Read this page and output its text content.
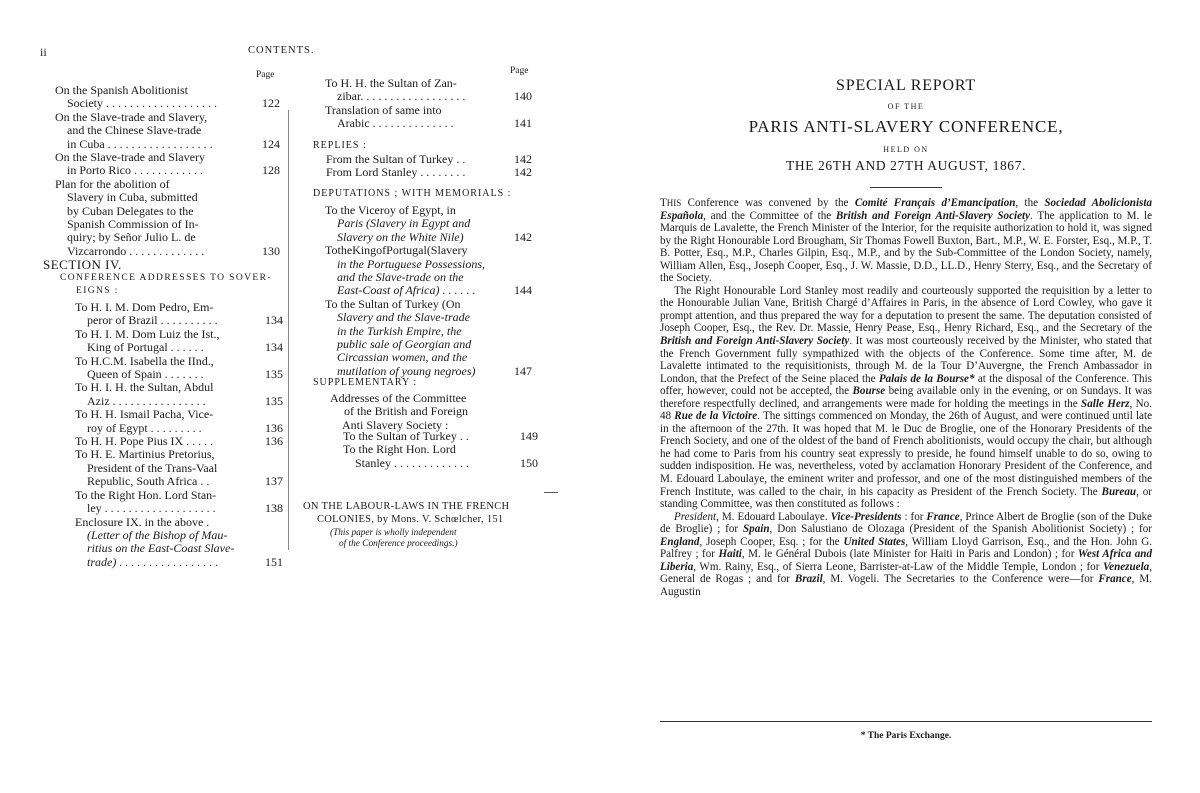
ii	CONTENTS.
Page	Page

On the Spanish Abolitionist

Society . . . . . . . . . . . . . . . . . . .	122

On the Slave-trade and Slavery,

and the Chinese Slave-trade

in Cuba . . . . . . . . . . . . . . . . . .	124

On the Slave-trade and Slavery

in Porto Rico . . . . . . . . . . . .	128

Plan for the abolition of

Slavery in Cuba, submitted

by Cuban Delegates to the

Spanish Commission of In-

quiry; by Señor Julio L. de

Vizcarrondo . . . . . . . . . . . . .	130
SECTION IV.
CONFERENCE ADDRESSES TO SOVER-
EIGNS :

To H. I. M. Dom Pedro, Em-

peror of Brazil . . . . . . . . . .	134

To H. I. M. Dom Luiz the Ist.,

King of Portugal . . . . . .	134

To H.C.M. Isabella the IInd.,

Queen of Spain . . . . . . .	135

To H. I. H. the Sultan, Abdul

Aziz . . . . . . . . . . . . . . . .	135

To H. H. Ismail Pacha, Vice-

roy of Egypt . . . . . . . . .	136

To H. H. Pope Pius IX . . . . .	136

To H. E. Martinius Pretorius,

President of the Trans-Vaal

Republic, South Africa . .	137

To the Right Hon. Lord Stan-

ley . . . . . . . . . . . . . . . . . . .	138

Enclosure IX. in the above .

(Letter of the Bishop of Mau-

ritius on the East-Coast Slave-

trade) . . . . . . . . . . . . . . . . .	151

To H. H. the Sultan of Zan-

zibar. . . . . . . . . . . . . . . . . .	140

Translation of same into

Arabic . . . . . . . . . . . . . .	141
REPLIES :

From the Sultan of Turkey . .	142

From Lord Stanley . . . . . . . .	142
DEPUTATIONS ; WITH MEMORIALS :

To the Viceroy of Egypt, in

Paris (Slavery in Egypt and

Slavery on the White Nile)	142

TotheKingofPortugal(Slavery

in the Portuguese Possessions,

and the Slave-trade on the

East-Coast of Africa) . . . . . .	144

To the Sultan of Turkey (On

Slavery and the Slave-trade

in the Turkish Empire, the

public sale of Georgian and

Circassian women, and the

mutilation of young negroes)	147
SUPPLEMENTARY :

Addresses of the Committee

of the British and Foreign

Anti Slavery Society :

To the Sultan of Turkey . .	149

To the Right Hon. Lord

Stanley . . . . . . . . . . . . .	150

ON THE LABOUR-LAWS IN THE FRENCH

COLONIES, by Mons. V. Schœlcher, 151

(This paper is wholly independent
of the Conference proceedings.)
SPECIAL REPORT
OF THE
PARIS ANTI-SLAVERY CONFERENCE,
HELD ON
THE 26TH AND 27TH AUGUST, 1867.

THIS Conference was convened by the Comité Français d’Emancipation, the Sociedad Abolicionista Española, and the Committee of the British and Foreign Anti-Slavery Society. The application to M. le Marquis de Lavalette, the French Minister of the Interior, for the requisite authorization to hold it, was signed by the Right Honourable Lord Brougham, Sir Thomas Fowell Buxton, Bart., M.P., W. E. Forster, Esq., M.P., T. B. Potter, Esq., M.P., Charles Gilpin, Esq., M.P., and by the Sub-Committee of the London Society, namely, William Allen, Esq., Joseph Cooper, Esq., J. W. Massie, D.D., LL.D., Henry Sterry, Esq., and the Secretary of the Society.

The Right Honourable Lord Stanley most readily and courteously supported the requisition by a letter to the Honourable Julian Vane, British Chargé d’Affaires in Paris, in the absence of Lord Cowley, who gave it prompt attention, and thus prepared the way for a deputation to present the same. The deputation consisted of Joseph Cooper, Esq., the Rev. Dr. Massie, Henry Pease, Esq., Henry Richard, Esq., and the Secretary of the British and Foreign Anti-Slavery Society. It was most courteously received by the Minister, who stated that the French Government fully sympathized with the objects of the Conference. Some time after, M. de Lavalette intimated to the requisitionists, through M. de la Tour D’Auvergne, the French Ambassador in London, that the Prefect of the Seine placed the Palais de la Bourse* at the disposal of the Conference. This offer, however, could not be accepted, the Bourse being available only in the evening, or on Sundays. It was therefore respectfully declined, and arrangements were made for holding the meetings in the Salle Herz, No. 48 Rue de la Victoire. The sittings commenced on Monday, the 26th of August, and were continued until late in the afternoon of the 27th. It was hoped that M. le Duc de Broglie, one of the Honorary Presidents of the French Society, and one of the oldest of the band of French abolitionists, would occupy the chair, but although he had come to Paris from his country seat expressly to preside, he found himself unable to do so, owing to sudden indisposition. He was, nevertheless, voted by acclamation Honorary President of the Conference, and M. Edouard Laboulaye, the eminent writer and professor, and one of the most distinguished members of the French Institute, was called to the chair, in his capacity as President of the French Society. The Bureau, or standing Committee, was then constituted as follows :

President, M. Edouard Laboulaye. Vice-Presidents : for France, Prince Albert de Broglie (son of the Duke de Broglie) ; for Spain, Don Salustiano de Olozaga (President of the Spanish Abolitionist Society) ; for England, Joseph Cooper, Esq. ; for the United States, William Lloyd Garrison, Esq., and the Hon. John G. Palfrey ; for Haiti, M. le Général Dubois (late Minister for Haiti in Paris and London) ; for West Africa and Liberia, Wm. Rainy, Esq., of Sierra Leone, Barrister-at-Law of the Middle Temple, London ; for Venezuela, General de Rogas ; and for Brazil, M. Vogeli. The Secretaries to the Conference were—for France, M. Augustin

* The Paris Exchange.
